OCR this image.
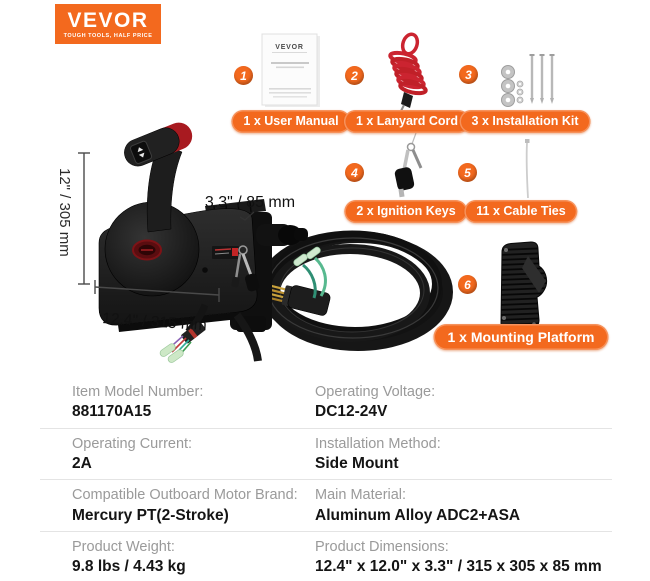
12" / 305 mm	3.3" / 85 mm
12.4" / 315 mm
VEVOR
VEVOR
TOUGH TOOLS, HALF PRICE
1	2	3
4	5
6
1 x User Manual	1 x Lanyard Cord	3 x Installation Kit
2 x Ignition Keys	11 x Cable Ties
1 x Mounting Platform
Item Model Number:
881170A15
Operating Voltage:
DC12-24V
Operating Current:
2A
Installation Method:
Side Mount
Compatible Outboard Motor Brand:
Mercury PT(2-Stroke)
Main Material:
Aluminum Alloy ADC2+ASA
Product Weight:
9.8 lbs / 4.43 kg
Product Dimensions:
12.4" x 12.0" x 3.3" / 315 x 305 x 85 mm
